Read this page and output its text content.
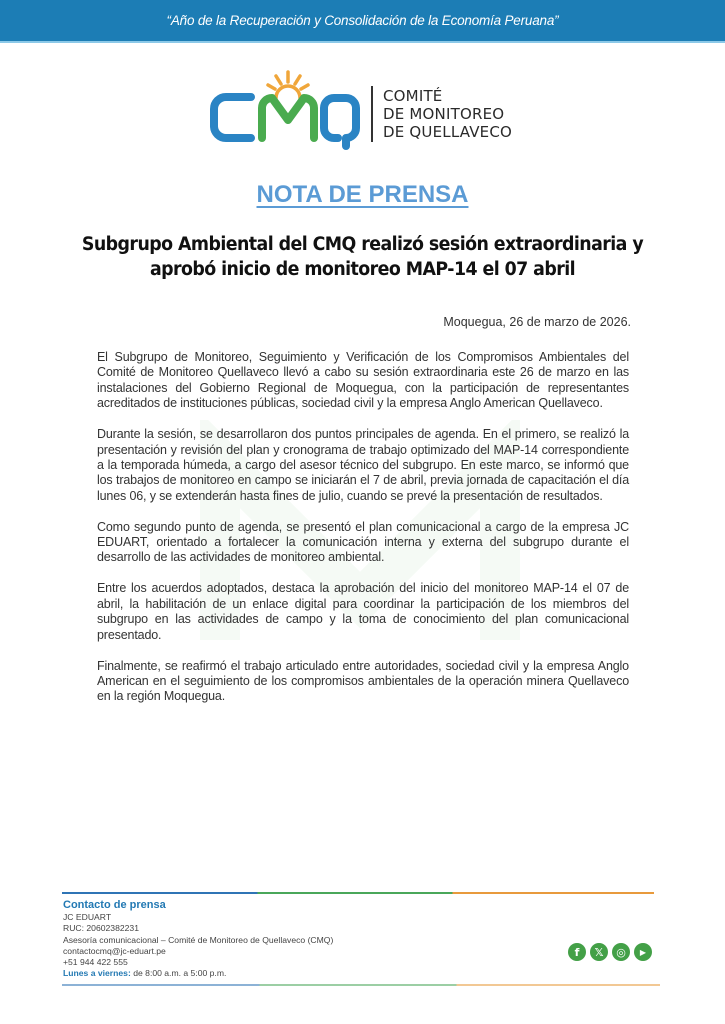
“Año de la Recuperación y Consolidación de la Economía Peruana”
COMITÉ
DE MONITOREO
DE QUELLAVECO
NOTA DE PRENSA
Subgrupo Ambiental del CMQ realizó sesión extraordinaria y
aprobó inicio de monitoreo MAP-14 el 07 abril
Moquegua, 26 de marzo de 2026.

El Subgrupo de Monitoreo, Seguimiento y Verificación de los Compromisos Ambientales del Comité de Monitoreo Quellaveco llevó a cabo su sesión extraordinaria este 26 de marzo en las instalaciones del Gobierno Regional de Moquegua, con la participación de representantes acreditados de instituciones públicas, sociedad civil y la empresa Anglo American Quellaveco.

Durante la sesión, se desarrollaron dos puntos principales de agenda. En el primero, se realizó la presentación y revisión del plan y cronograma de trabajo optimizado del MAP-14 correspondiente a la temporada húmeda, a cargo del asesor técnico del subgrupo. En este marco, se informó que los trabajos de monitoreo en campo se iniciarán el 7 de abril, previa jornada de capacitación el día lunes 06, y se extenderán hasta fines de julio, cuando se prevé la presentación de resultados.

Como segundo punto de agenda, se presentó el plan comunicacional a cargo de la empresa JC EDUART, orientado a fortalecer la comunicación interna y externa del subgrupo durante el desarrollo de las actividades de monitoreo ambiental.

Entre los acuerdos adoptados, destaca la aprobación del inicio del monitoreo MAP-14 el 07 de abril, la habilitación de un enlace digital para coordinar la participación de los miembros del subgrupo en las actividades de campo y la toma de conocimiento del plan comunicacional presentado.

Finalmente, se reafirmó el trabajo articulado entre autoridades, sociedad civil y la empresa Anglo American en el seguimiento de los compromisos ambientales de la operación minera Quellaveco en la región Moquegua.

Contacto de prensa
JC EDUART
RUC: 20602382231
Asesoría comunicacional – Comité de Monitoreo de Quellaveco (CMQ)
contactocmq@jc-eduart.pe
+51 944 422 555
Lunes a viernes: de 8:00 a.m. a 5:00 p.m.
f	𝕏	◎	▶
